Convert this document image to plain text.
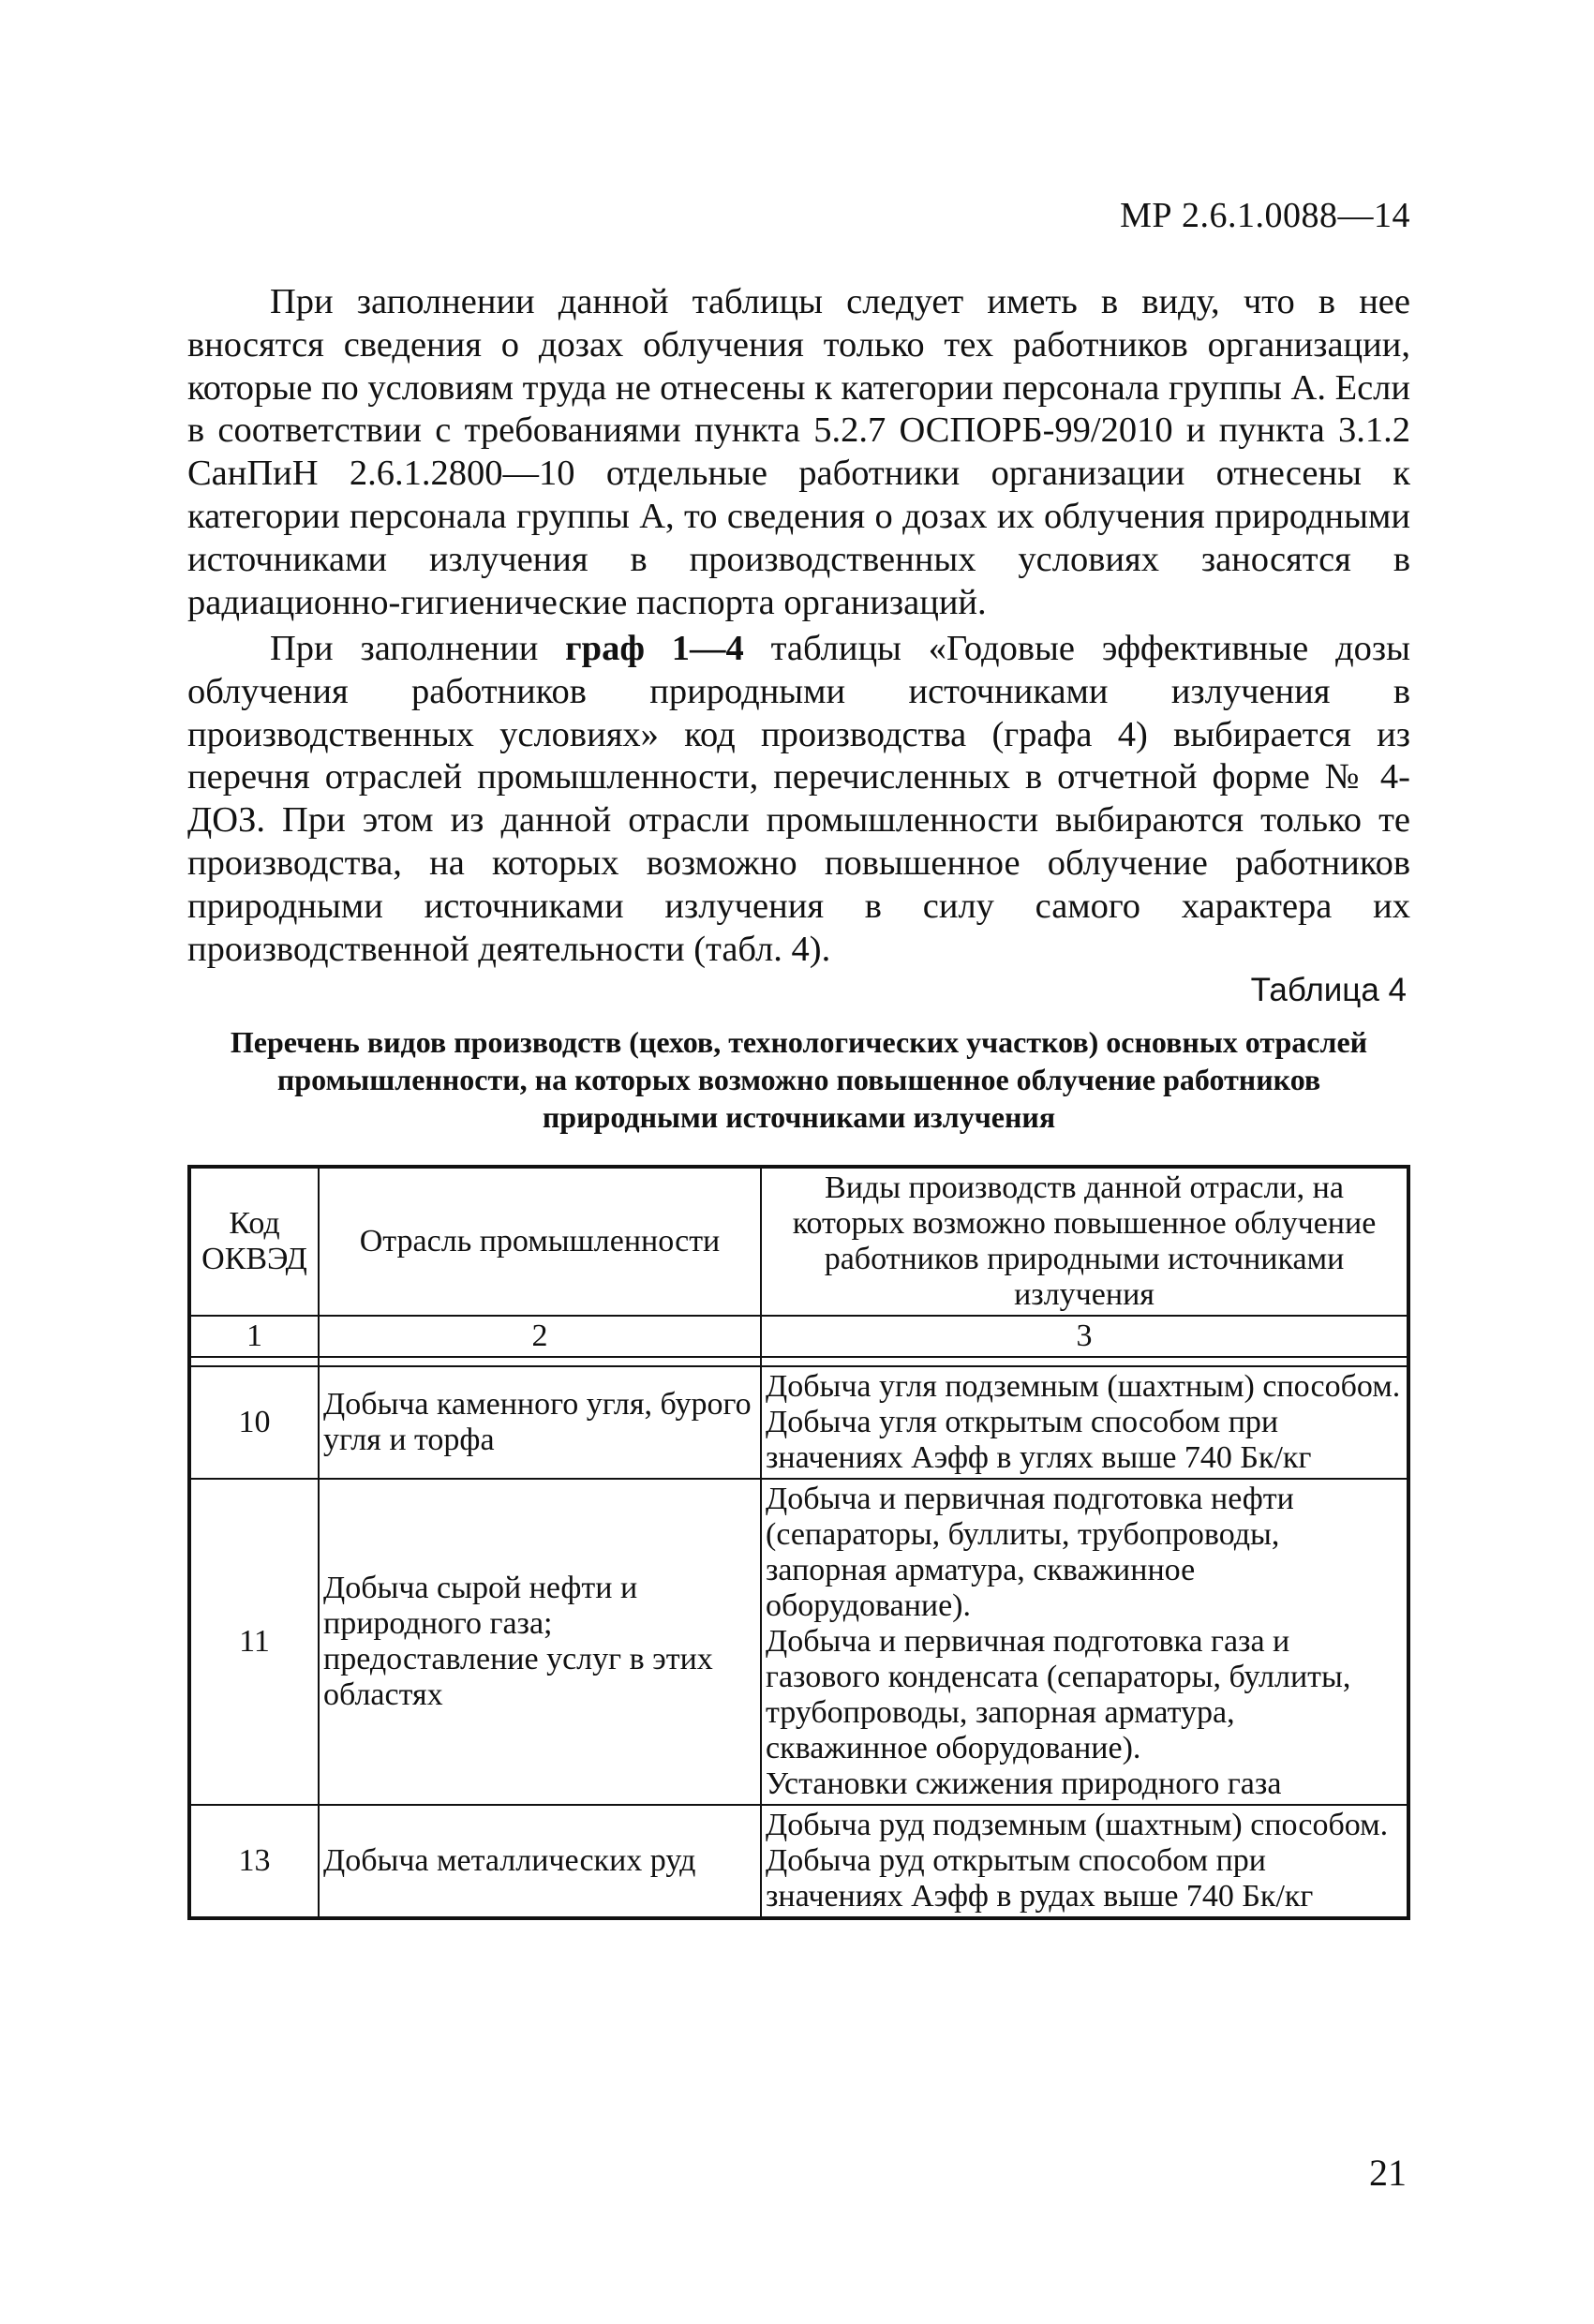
МР 2.6.1.0088—14

При заполнении данной таблицы следует иметь в виду, что в нее вносятся сведения о дозах облучения только тех работников организации, которые по условиям труда не отнесены к категории персонала группы А. Если в соответствии с требованиями пункта 5.2.7 ОСПОРБ-99/2010 и пункта 3.1.2 СанПиН 2.6.1.2800—10 отдельные работники организации отнесены к категории персонала группы А, то сведения о дозах их облучения природными источниками излучения в производственных условиях заносятся в радиационно-гигиенические паспорта организаций.

При заполнении граф 1—4 таблицы «Годовые эффективные дозы облучения работников природными источниками излучения в производственных условиях» код производства (графа 4) выбирается из перечня отраслей промышленности, перечисленных в отчетной форме № 4-ДОЗ. При этом из данной отрасли промышленности выбираются только те производства, на которых возможно повышенное облучение работников природными источниками излучения в силу самого характера их производственной деятельности (табл. 4).

Таблица 4
Перечень видов производств (цехов, технологических участков) основных отраслей промышленности, на которых возможно повышенное облучение работников природными источниками излучения
Код ОКВЭД	Отрасль промышленности	Виды производств данной отрасли, на которых возможно повышенное облучение работников природными источниками излучения
1	2	3

10	Добыча каменного угля, бурого угля и торфа	Добыча угля подземным (шахтным) способом.
Добыча угля открытым способом при значениях Аэфф в углях выше 740 Бк/кг

11	Добыча сырой нефти и природного газа; предоставление услуг в этих областях	Добыча и первичная подготовка нефти (сепараторы, буллиты, трубопроводы, запорная арматура, скважинное оборудование).
Добыча и первичная подготовка газа и газового конденсата (сепараторы, буллиты, трубопроводы, запорная арматура, скважинное оборудование).
Установки сжижения природного газа

13	Добыча металлических руд	Добыча руд подземным (шахтным) способом.
Добыча руд открытым способом при значениях Аэфф в рудах выше 740 Бк/кг
21
